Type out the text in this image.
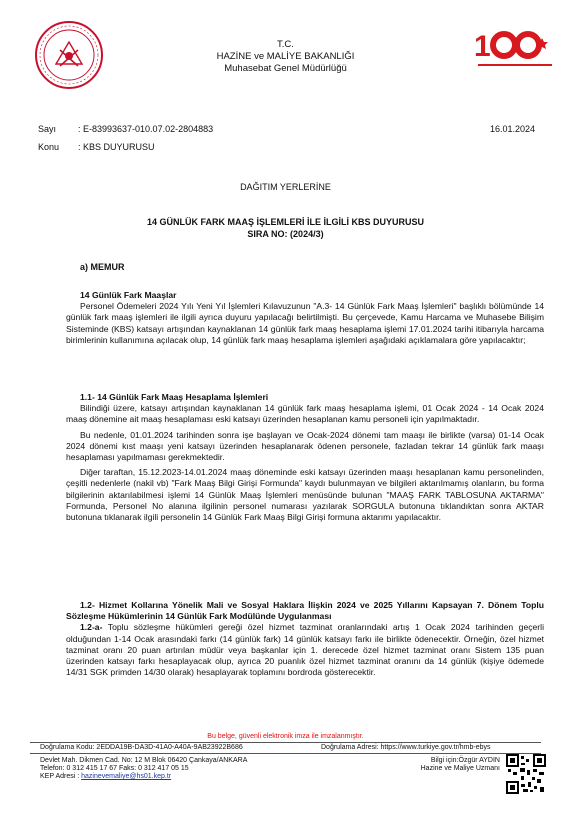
1
T.C.
HAZİNE ve MALİYE BAKANLIĞI
Muhasebat Genel Müdürlüğü
Sayı : E-83993637-010.07.02-2804883	16.01.2024
Konu : KBS DUYURUSU
DAĞITIM YERLERİNE
14 GÜNLÜK FARK MAAŞ İŞLEMLERİ İLE İLGİLİ KBS DUYURUSU
SIRA NO: (2024/3)
a) MEMUR

14 Günlük Fark Maaşlar

Personel Ödemeleri 2024 Yılı Yeni Yıl İşlemleri Kılavuzunun "A.3- 14 Günlük Fark Maaş İşlemleri" başlıklı bölümünde 14 günlük fark maaş işlemleri ile ilgili ayrıca duyuru yapılacağı belirtilmişti. Bu çerçevede, Kamu Harcama ve Muhasebe Bilişim Sisteminde (KBS) katsayı artışından kaynaklanan 14 günlük fark maaş hesaplama işlemi 17.01.2024 tarihi itibarıyla harcama birimlerinin kullanımına açılacak olup, 14 günlük fark maaş hesaplama işlemleri aşağıdaki açıklamalara göre yapılacaktır;

1.1- 14 Günlük Fark Maaş Hesaplama İşlemleri

Bilindiği üzere, katsayı artışından kaynaklanan 14 günlük fark maaş hesaplama işlemi, 01 Ocak 2024 - 14 Ocak 2024 maaş dönemine ait maaş hesaplaması eski katsayı üzerinden hesaplanan kamu personeli için yapılmaktadır.

Bu nedenle, 01.01.2024 tarihinden sonra işe başlayan ve Ocak-2024 dönemi tam maaşı ile birlikte (varsa) 01-14 Ocak 2024 dönemi kıst maaşı yeni katsayı üzerinden hesaplanarak ödenen personele, fazladan tekrar 14 günlük fark maaşı hesaplaması yapılmaması gerekmektedir.

Diğer taraftan, 15.12.2023-14.01.2024 maaş döneminde eski katsayı üzerinden maaşı hesaplanan kamu personelinden, çeşitli nedenlerle (nakil vb) "Fark Maaş Bilgi Girişi Formunda" kaydı bulunmayan ve bilgileri aktarılmamış olanların, bu forma bilgilerinin aktarılabilmesi işlemi 14 Günlük Maaş İşlemleri menüsünde bulunan "MAAŞ FARK TABLOSUNA AKTARMA" Formunda, Personel No alanına ilgilinin personel numarası yazılarak SORGULA butonuna tıklandıktan sonra AKTAR butonuna tıklanarak ilgili personelin 14 Günlük Fark Maaş Bilgi Girişi formuna aktarımı yapılacaktır.

1.2- Hizmet Kollarına Yönelik Mali ve Sosyal Haklara İlişkin 2024 ve 2025 Yıllarını Kapsayan 7. Dönem Toplu Sözleşme Hükümlerinin 14 Günlük Fark Modülünde Uygulanması

1.2-a- Toplu sözleşme hükümleri gereği özel hizmet tazminat oranlarındaki artış 1 Ocak 2024 tarihinden geçerli olduğundan 1-14 Ocak arasındaki farkı (14 günlük fark) 14 günlük katsayı farkı ile birlikte ödenecektir. Örneğin, özel hizmet tazminat oranı 20 puan artırılan müdür veya başkanlar için 1. derecede özel hizmet tazminat oranı Sistem 135 puan üzerinden katsayı farkı hesaplayacak olup, ayrıca 20 puanlık özel hizmet tazminat oranını da 14 günlük (kişiye ödemede 14/31 SGK primden 14/30 olarak) hesaplayarak toplamını bordroda gösterecektir.

Bu belge, güvenli elektronik imza ile imzalanmıştır.
Doğrulama Kodu: 2EDDA19B-DA3D-41A0-A40A-9AB23922B686	Doğrulama Adresi: https://www.turkiye.gov.tr/hmb-ebys
Devlet Mah. Dikmen Cad. No: 12 M Blok 06420 Çankaya/ANKARA
Telefon: 0 312 415 17 67 Faks: 0 312 417 05 15
KEP Adresi : hazinevemaliye@hs01.kep.tr
Bilgi için:Özgür AYDIN
Hazine ve Maliye Uzmanı
